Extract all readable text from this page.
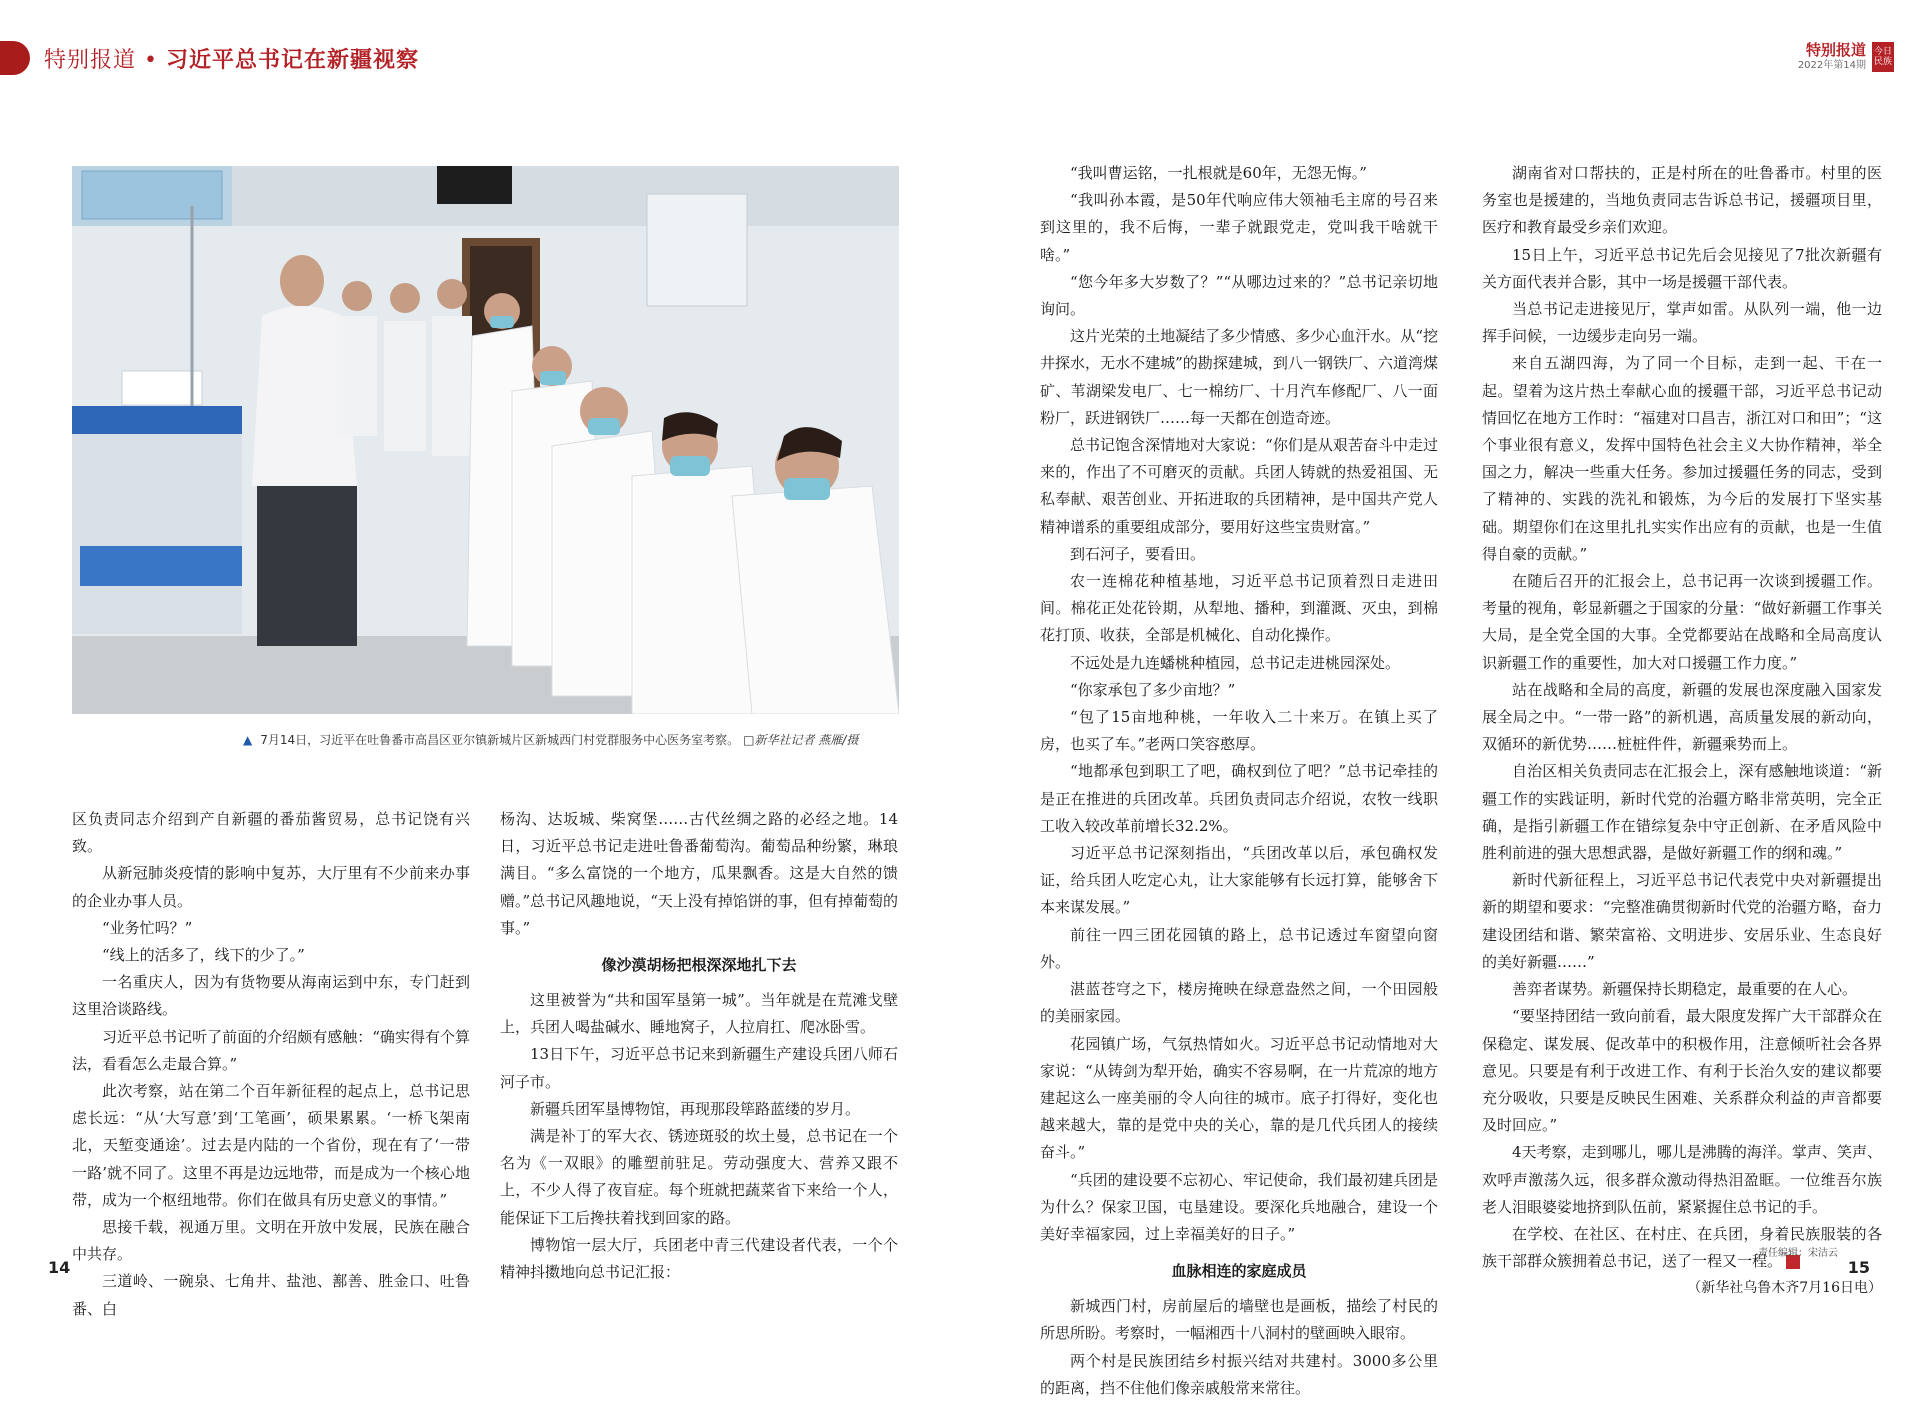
特别报道 • 习近平总书记在新疆视察	特别报道
2022年第14期
今日
民族
▲ 7月14日，习近平在吐鲁番市高昌区亚尔镇新城片区新城西门村党群服务中心医务室考察。 □新华社记者 燕雁/摄

区负责同志介绍到产自新疆的番茄酱贸易，总书记饶有兴致。

从新冠肺炎疫情的影响中复苏，大厅里有不少前来办事的企业办事人员。

“业务忙吗？”

“线上的活多了，线下的少了。”

一名重庆人，因为有货物要从海南运到中东，专门赶到这里洽谈路线。

习近平总书记听了前面的介绍颇有感触：“确实得有个算法，看看怎么走最合算。”

此次考察，站在第二个百年新征程的起点上，总书记思虑长远：“从‘大写意’到‘工笔画’，硕果累累。‘一桥飞架南北，天堑变通途’。过去是内陆的一个省份，现在有了‘一带一路’就不同了。这里不再是边远地带，而是成为一个核心地带，成为一个枢纽地带。你们在做具有历史意义的事情。”

思接千载，视通万里。文明在开放中发展，民族在融合中共存。

三道岭、一碗泉、七角井、盐池、鄯善、胜金口、吐鲁番、白

杨沟、达坂城、柴窝堡……古代丝绸之路的必经之地。14日，习近平总书记走进吐鲁番葡萄沟。葡萄品种纷繁，琳琅满目。“多么富饶的一个地方，瓜果飘香。这是大自然的馈赠。”总书记风趣地说，“天上没有掉馅饼的事，但有掉葡萄的事。”

像沙漠胡杨把根深深地扎下去

这里被誉为“共和国军垦第一城”。当年就是在荒滩戈壁上，兵团人喝盐碱水、睡地窝子，人拉肩扛、爬冰卧雪。

13日下午，习近平总书记来到新疆生产建设兵团八师石河子市。

新疆兵团军垦博物馆，再现那段筚路蓝缕的岁月。

满是补丁的军大衣、锈迹斑驳的坎土曼，总书记在一个名为《一双眼》的雕塑前驻足。劳动强度大、营养又跟不上，不少人得了夜盲症。每个班就把蔬菜省下来给一个人，能保证下工后搀扶着找到回家的路。

博物馆一层大厅，兵团老中青三代建设者代表，一个个精神抖擞地向总书记汇报：

“我叫曹运铭，一扎根就是60年，无怨无悔。”

“我叫孙本霞，是50年代响应伟大领袖毛主席的号召来到这里的，我不后悔，一辈子就跟党走，党叫我干啥就干啥。”

“您今年多大岁数了？”“从哪边过来的？”总书记亲切地询问。

这片光荣的土地凝结了多少情感、多少心血汗水。从“挖井探水，无水不建城”的勘探建城，到八一钢铁厂、六道湾煤矿、苇湖梁发电厂、七一棉纺厂、十月汽车修配厂、八一面粉厂，跃进钢铁厂……每一天都在创造奇迹。

总书记饱含深情地对大家说：“你们是从艰苦奋斗中走过来的，作出了不可磨灭的贡献。兵团人铸就的热爱祖国、无私奉献、艰苦创业、开拓进取的兵团精神，是中国共产党人精神谱系的重要组成部分，要用好这些宝贵财富。”

到石河子，要看田。

农一连棉花种植基地，习近平总书记顶着烈日走进田间。棉花正处花铃期，从犁地、播种，到灌溉、灭虫，到棉花打顶、收获，全部是机械化、自动化操作。

不远处是九连蟠桃种植园，总书记走进桃园深处。

“你家承包了多少亩地？”

“包了15亩地种桃，一年收入二十来万。在镇上买了房，也买了车。”老两口笑容憨厚。

“地都承包到职工了吧，确权到位了吧？”总书记牵挂的是正在推进的兵团改革。兵团负责同志介绍说，农牧一线职工收入较改革前增长32.2%。

习近平总书记深刻指出，“兵团改革以后，承包确权发证，给兵团人吃定心丸，让大家能够有长远打算，能够舍下本来谋发展。”

前往一四三团花园镇的路上，总书记透过车窗望向窗外。

湛蓝苍穹之下，楼房掩映在绿意盎然之间，一个田园般的美丽家园。

花园镇广场，气氛热情如火。习近平总书记动情地对大家说：“从铸剑为犁开始，确实不容易啊，在一片荒凉的地方建起这么一座美丽的令人向往的城市。底子打得好，变化也越来越大，靠的是党中央的关心，靠的是几代兵团人的接续奋斗。”

“兵团的建设要不忘初心、牢记使命，我们最初建兵团是为什么？保家卫国，屯垦建设。要深化兵地融合，建设一个美好幸福家园，过上幸福美好的日子。”

血脉相连的家庭成员

新城西门村，房前屋后的墙壁也是画板，描绘了村民的所思所盼。考察时，一幅湘西十八洞村的壁画映入眼帘。

两个村是民族团结乡村振兴结对共建村。3000多公里的距离，挡不住他们像亲戚般常来常往。

湖南省对口帮扶的，正是村所在的吐鲁番市。村里的医务室也是援建的，当地负责同志告诉总书记，援疆项目里，医疗和教育最受乡亲们欢迎。

15日上午，习近平总书记先后会见接见了7批次新疆有关方面代表并合影，其中一场是援疆干部代表。

当总书记走进接见厅，掌声如雷。从队列一端，他一边挥手问候，一边缓步走向另一端。

来自五湖四海，为了同一个目标，走到一起、干在一起。望着为这片热土奉献心血的援疆干部，习近平总书记动情回忆在地方工作时：“福建对口昌吉，浙江对口和田”；“这个事业很有意义，发挥中国特色社会主义大协作精神，举全国之力，解决一些重大任务。参加过援疆任务的同志，受到了精神的、实践的洗礼和锻炼，为今后的发展打下坚实基础。期望你们在这里扎扎实实作出应有的贡献，也是一生值得自豪的贡献。”

在随后召开的汇报会上，总书记再一次谈到援疆工作。考量的视角，彰显新疆之于国家的分量：“做好新疆工作事关大局，是全党全国的大事。全党都要站在战略和全局高度认识新疆工作的重要性，加大对口援疆工作力度。”

站在战略和全局的高度，新疆的发展也深度融入国家发展全局之中。“一带一路”的新机遇，高质量发展的新动向，双循环的新优势……桩桩件件，新疆乘势而上。

自治区相关负责同志在汇报会上，深有感触地谈道：“新疆工作的实践证明，新时代党的治疆方略非常英明，完全正确，是指引新疆工作在错综复杂中守正创新、在矛盾风险中胜利前进的强大思想武器，是做好新疆工作的纲和魂。”

新时代新征程上，习近平总书记代表党中央对新疆提出新的期望和要求：“完整准确贯彻新时代党的治疆方略，奋力建设团结和谐、繁荣富裕、文明进步、安居乐业、生态良好的美好新疆……”

善弈者谋势。新疆保持长期稳定，最重要的在人心。

“要坚持团结一致向前看，最大限度发挥广大干部群众在保稳定、谋发展、促改革中的积极作用，注意倾听社会各界意见。只要是有利于改进工作、有利于长治久安的建议都要充分吸收，只要是反映民生困难、关系群众利益的声音都要及时回应。”

4天考察，走到哪儿，哪儿是沸腾的海洋。掌声、笑声、欢呼声激荡久远，很多群众激动得热泪盈眶。一位维吾尔族老人泪眼婆娑地挤到队伍前，紧紧握住总书记的手。

在学校、在社区、在村庄、在兵团，身着民族服装的各族干部群众簇拥着总书记，送了一程又一程。

（新华社乌鲁木齐7月16日电）

14
责任编辑：宋洁云
15
